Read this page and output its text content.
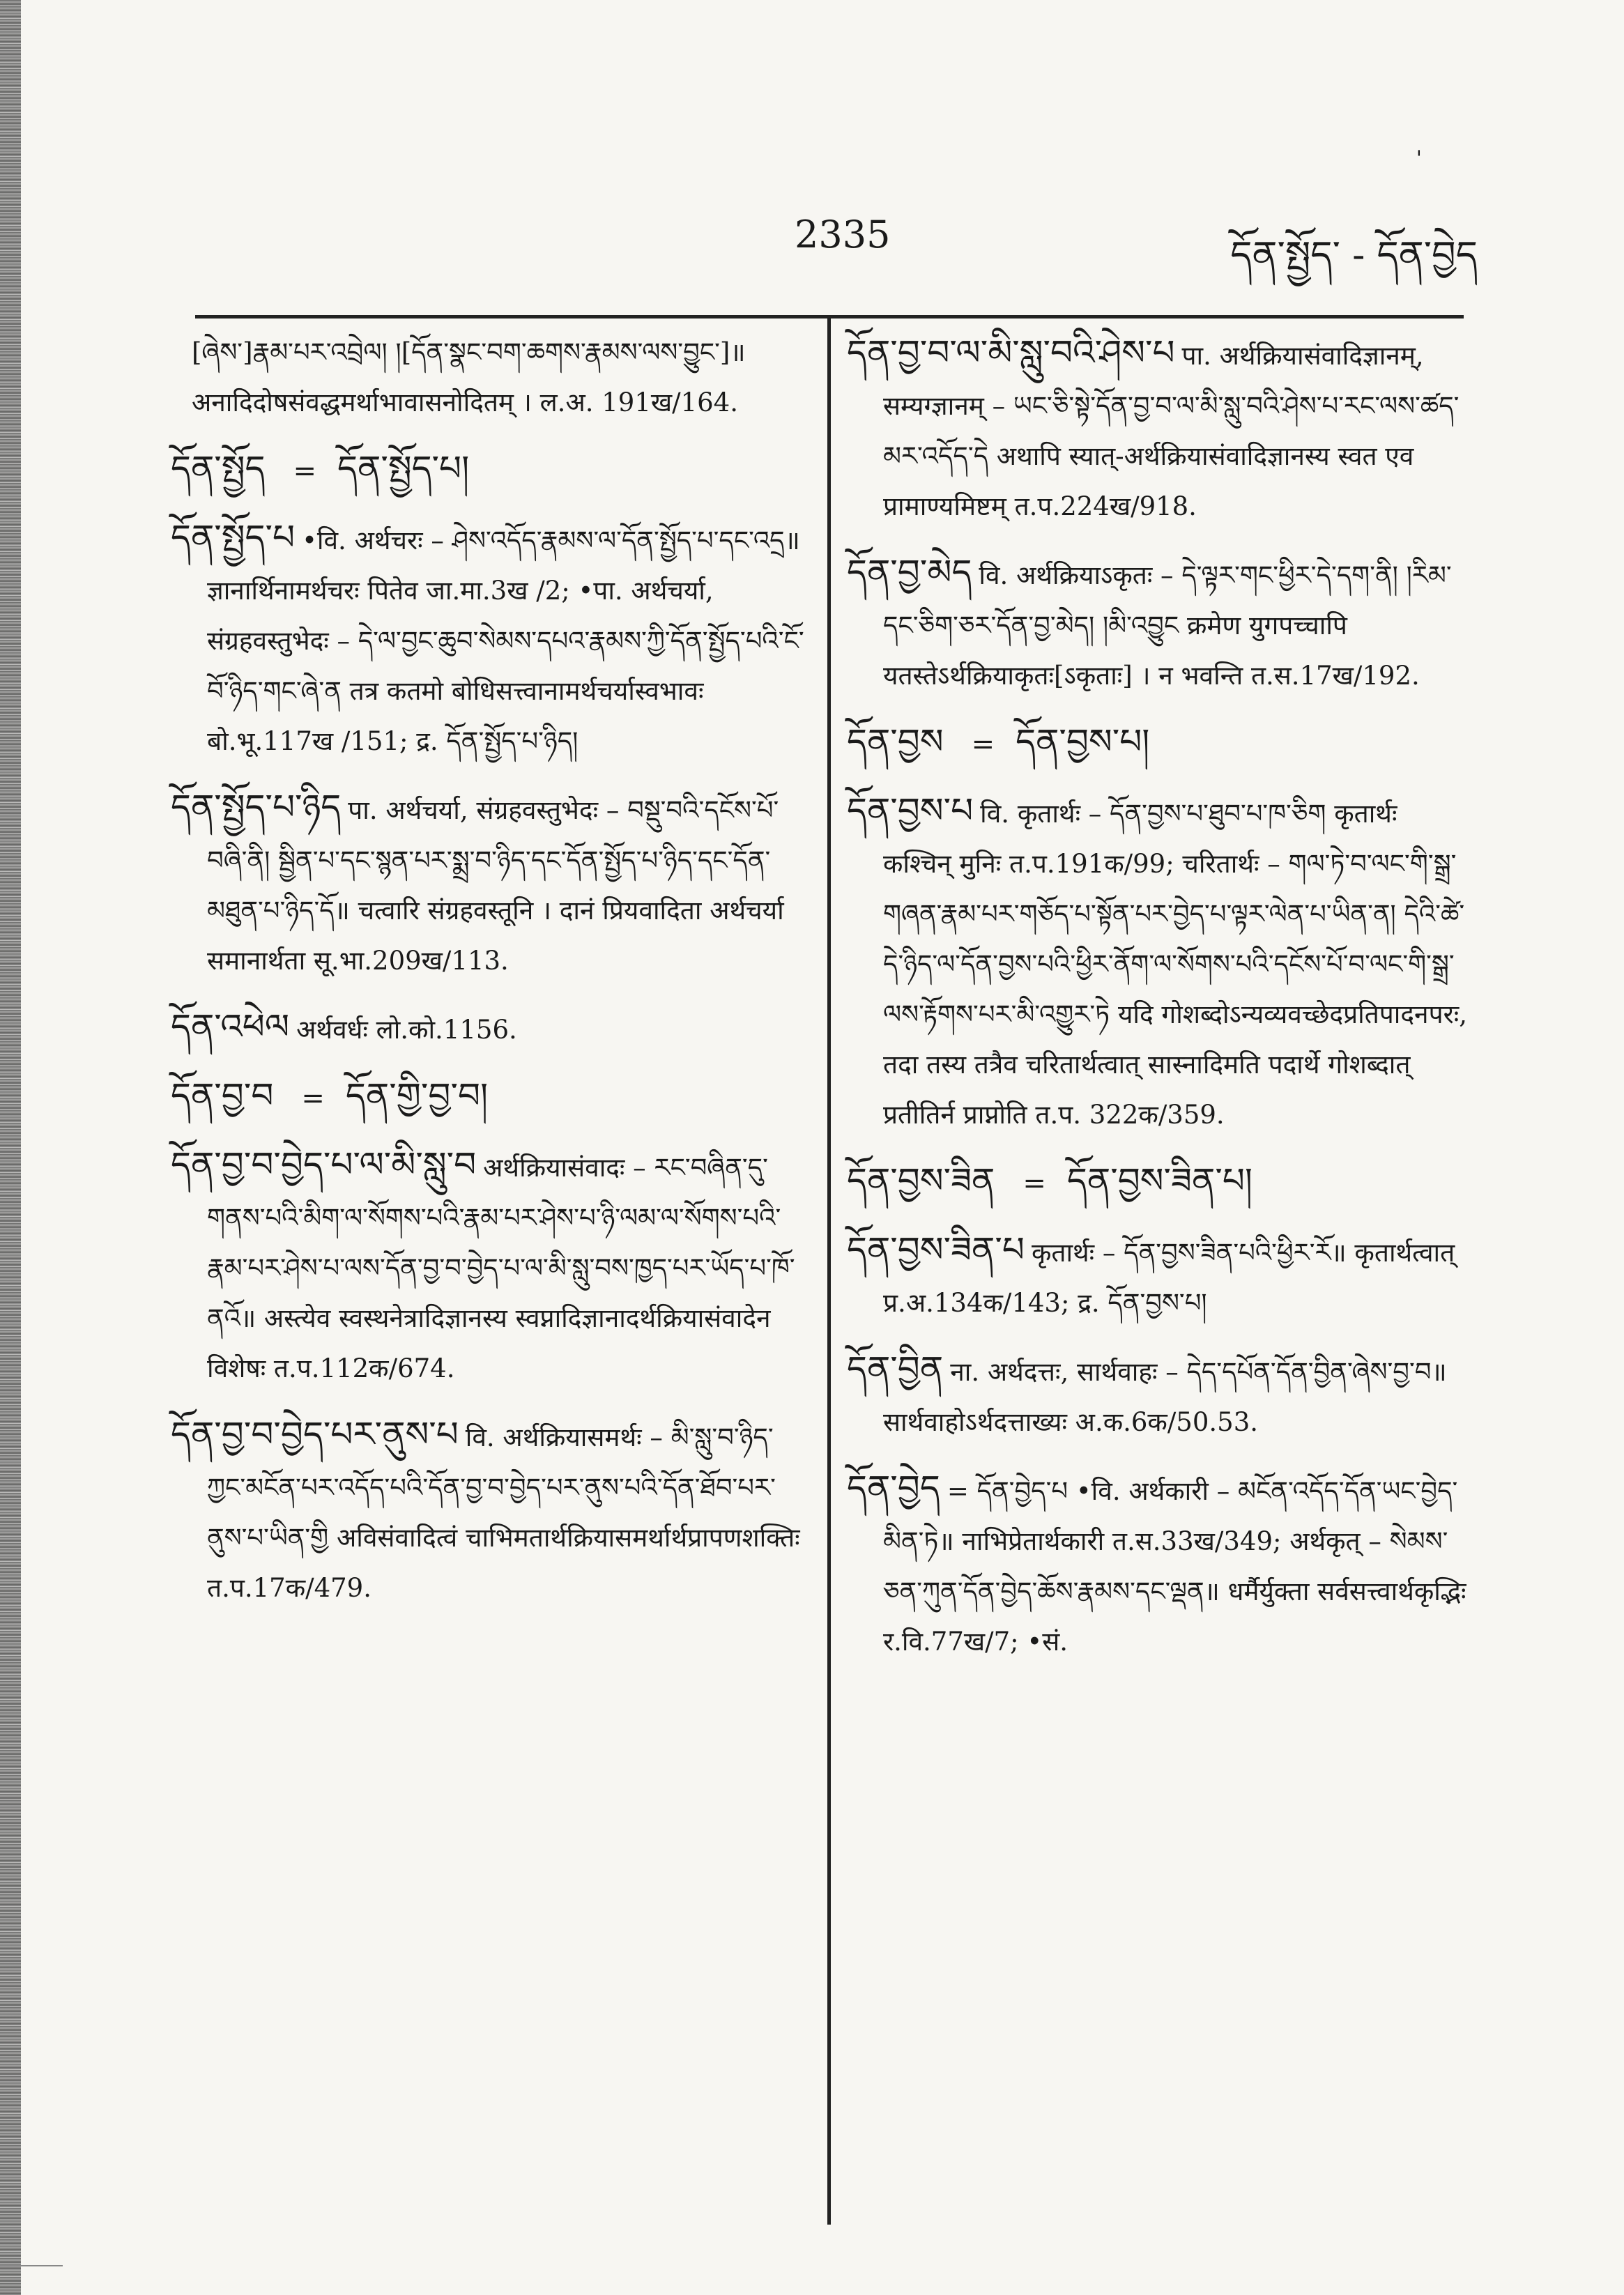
'
2335	དོན་སྤྱོད་ - དོན་བྱེད

[ཞེས་]རྣམ་པར་འབྲེལ། །[དོན་སྣང་བག་ཆགས་རྣམས་ལས་བྱུང་]॥ अनादिदोषसंवद्धमर्थाभावासनोदितम् । ल.अ. 191ख/164.

དོན་སྤྱོད = དོན་སྤྱོད་པ།

དོན་སྤྱོད་པ •वि. अर्थचरः – ཤེས་འདོད་རྣམས་ལ་དོན་སྤྱོད་པ་དང་འདྲ॥ ज्ञानार्थिनामर्थचरः पितेव जा.मा.3ख /2; •पा. अर्थचर्या, संग्रहवस्तुभेदः – དེ་ལ་བྱང་ཆུབ་སེམས་དཔའ་རྣམས་ཀྱི་དོན་སྤྱོད་པའི་ངོ་བོ་ཉིད་གང་ཞེ་ན तत्र कतमो बोधिसत्त्वानामर्थचर्यास्वभावः बो.भू.117ख /151; द्र. དོན་སྤྱོད་པ་ཉིད།

དོན་སྤྱོད་པ་ཉིད पा. अर्थचर्या, संग्रहवस्तुभेदः – བསྡུ་བའི་དངོས་པོ་བཞི་ནི། སྦྱིན་པ་དང་སྙན་པར་སྨྲ་བ་ཉིད་དང་དོན་སྤྱོད་པ་ཉིད་དང་དོན་མཐུན་པ་ཉིད་དོ॥ चत्वारि संग्रहवस्तूनि । दानं प्रियवादिता अर्थचर्या समानार्थता सू.भा.209ख/113.

དོན་འཕེལ अर्थवर्धः लो.को.1156.

དོན་བྱ་བ = དོན་གྱི་བྱ་བ།

དོན་བྱ་བ་བྱེད་པ་ལ་མི་སླུ་བ अर्थक्रियासंवादः – རང་བཞིན་དུ་གནས་པའི་མིག་ལ་སོགས་པའི་རྣམ་པར་ཤེས་པ་ཉི་ལམ་ལ་སོགས་པའི་རྣམ་པར་ཤེས་པ་ལས་དོན་བྱ་བ་བྱེད་པ་ལ་མི་སླུ་བས་ཁྱད་པར་ཡོད་པ་ཁོ་ནའོ॥ अस्त्येव स्वस्थनेत्रादिज्ञानस्य स्वप्नादिज्ञानादर्थक्रियासंवादेन विशेषः त.प.112क/674.

དོན་བྱ་བ་བྱེད་པར་ནུས་པ वि. अर्थक्रियासमर्थः – མི་སླུ་བ་ཉིད་ཀྱང་མངོན་པར་འདོད་པའི་དོན་བྱ་བ་བྱེད་པར་ནུས་པའི་དོན་ཐོབ་པར་ནུས་པ་ཡིན་གྱི अविसंवादित्वं चाभिमतार्थक्रियासमर्थार्थप्रापणशक्तिः त.प.17क/479.

དོན་བྱ་བ་ལ་མི་སླུ་བའི་ཤེས་པ पा. अर्थक्रियासंवादिज्ञानम्, सम्यग्ज्ञानम् – ཡང་ཅི་སྟེ་དོན་བྱ་བ་ལ་མི་སླུ་བའི་ཤེས་པ་རང་ལས་ཚད་མར་འདོད་དེ अथापि स्यात्-अर्थक्रियासंवादिज्ञानस्य स्वत एव प्रामाण्यमिष्टम् त.प.224ख/918.

དོན་བྱ་མེད वि. अर्थक्रियाऽकृतः – དེ་ལྟར་གང་ཕྱིར་དེ་དག་ནི། །རིམ་དང་ཅིག་ཅར་དོན་བྱ་མེད། །མི་འབྱུང क्रमेण युगपच्चापि यतस्तेऽर्थक्रियाकृतः[ऽकृताः] । न भवन्ति त.स.17ख/192.

དོན་བྱས = དོན་བྱས་པ།

དོན་བྱས་པ वि. कृतार्थः – དོན་བྱས་པ་ཐུབ་པ་ཁ་ཅིག कृतार्थः कश्चिन् मुनिः त.प.191क/99; चरितार्थः – གལ་ཏེ་བ་ལང་གི་སྒྲ་གཞན་རྣམ་པར་གཅོད་པ་སྟོན་པར་བྱེད་པ་ལྟར་ལེན་པ་ཡིན་ན། དེའི་ཚེ་དེ་ཉིད་ལ་དོན་བྱས་པའི་ཕྱིར་ནོག་ལ་སོགས་པའི་དངོས་པོ་བ་ལང་གི་སྒྲ་ལས་རྟོགས་པར་མི་འགྱུར་ཏེ यदि गोशब्दोऽन्यव्यवच्छेदप्रतिपादनपरः, तदा तस्य तत्रैव चरितार्थत्वात् सास्नादिमति पदार्थे गोशब्दात् प्रतीतिर्न प्राप्नोति त.प. 322क/359.

དོན་བྱས་ཟིན = དོན་བྱས་ཟིན་པ།

དོན་བྱས་ཟིན་པ कृतार्थः – དོན་བྱས་ཟིན་པའི་ཕྱིར་རོ॥ कृतार्थत्वात् प्र.अ.134क/143; द्र. དོན་བྱས་པ།

དོན་བྱིན ना. अर्थदत्तः, सार्थवाहः – དེད་དཔོན་དོན་བྱིན་ཞེས་བྱ་བ॥ सार्थवाहोऽर्थदत्ताख्यः अ.क.6क/50.53.

དོན་བྱེད = དོན་བྱེད་པ •वि. अर्थकारी – མངོན་འདོད་དོན་ཡང་བྱེད་མིན་ཏེ॥ नाभिप्रेतार्थकारी त.स.33ख/349; अर्थकृत् – སེམས་ཅན་ཀུན་དོན་བྱེད་ཆོས་རྣམས་དང་ལྡན॥ धर्मैर्युक्ता सर्वसत्त्वार्थकृद्भिः र.वि.77ख/7; •सं.
